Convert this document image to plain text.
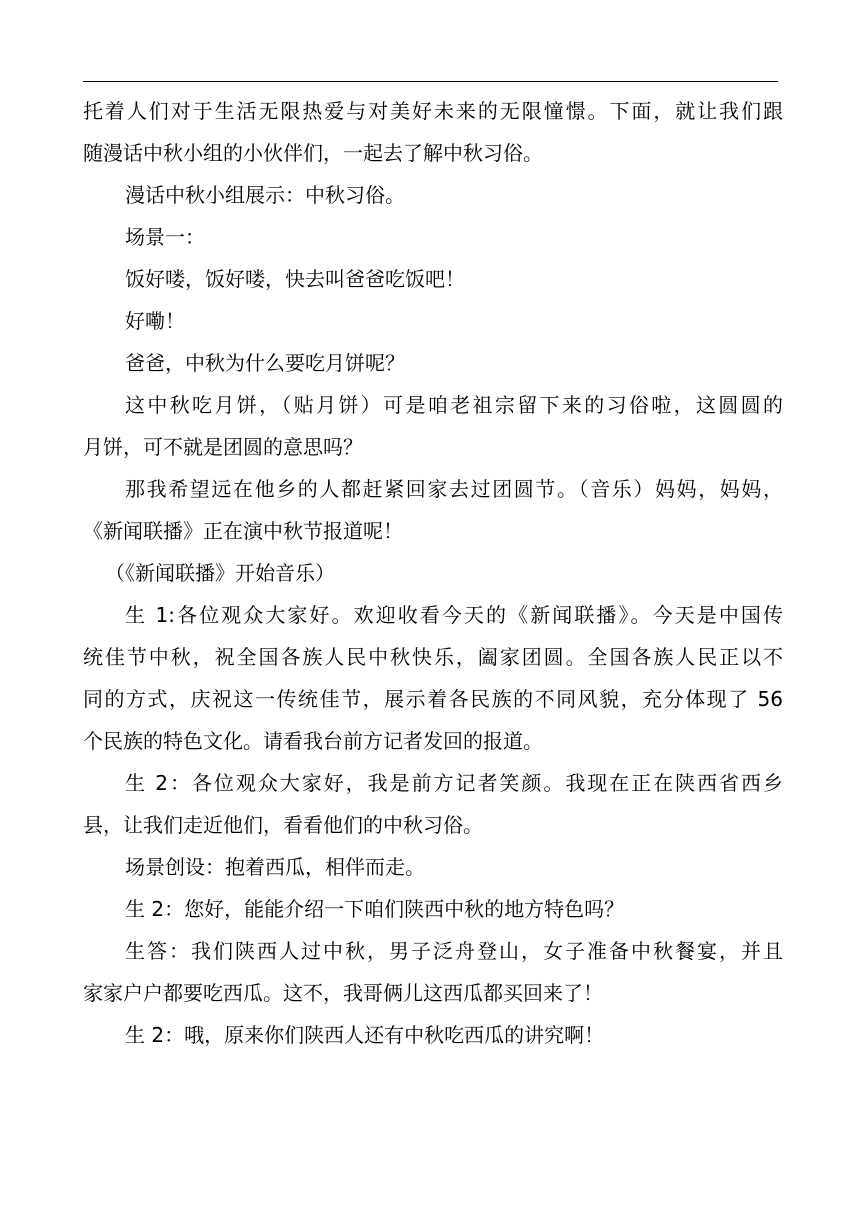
托着人们对于生活无限热爱与对美好未来的无限憧憬。下面，就让我们跟
随漫话中秋小组的小伙伴们，一起去了解中秋习俗。

漫话中秋小组展示：中秋习俗。

场景一：

饭好喽，饭好喽，快去叫爸爸吃饭吧！

好嘞！

爸爸，中秋为什么要吃月饼呢？

这中秋吃月饼，（贴月饼）可是咱老祖宗留下来的习俗啦，这圆圆的
月饼，可不就是团圆的意思吗？

那我希望远在他乡的人都赶紧回家去过团圆节。（音乐）妈妈，妈妈，
《新闻联播》正在演中秋节报道呢！

（《新闻联播》开始音乐）

生 1:各位观众大家好。欢迎收看今天的《新闻联播》。今天是中国传
统佳节中秋，祝全国各族人民中秋快乐，阖家团圆。全国各族人民正以不
同的方式，庆祝这一传统佳节，展示着各民族的不同风貌，充分体现了 56
个民族的特色文化。请看我台前方记者发回的报道。

生 2：各位观众大家好，我是前方记者笑颜。我现在正在陕西省西乡
县，让我们走近他们，看看他们的中秋习俗。

场景创设：抱着西瓜，相伴而走。

生 2：您好，能能介绍一下咱们陕西中秋的地方特色吗？

生答：我们陕西人过中秋，男子泛舟登山，女子准备中秋餐宴，并且
家家户户都要吃西瓜。这不，我哥俩儿这西瓜都买回来了！

生 2：哦，原来你们陕西人还有中秋吃西瓜的讲究啊！
